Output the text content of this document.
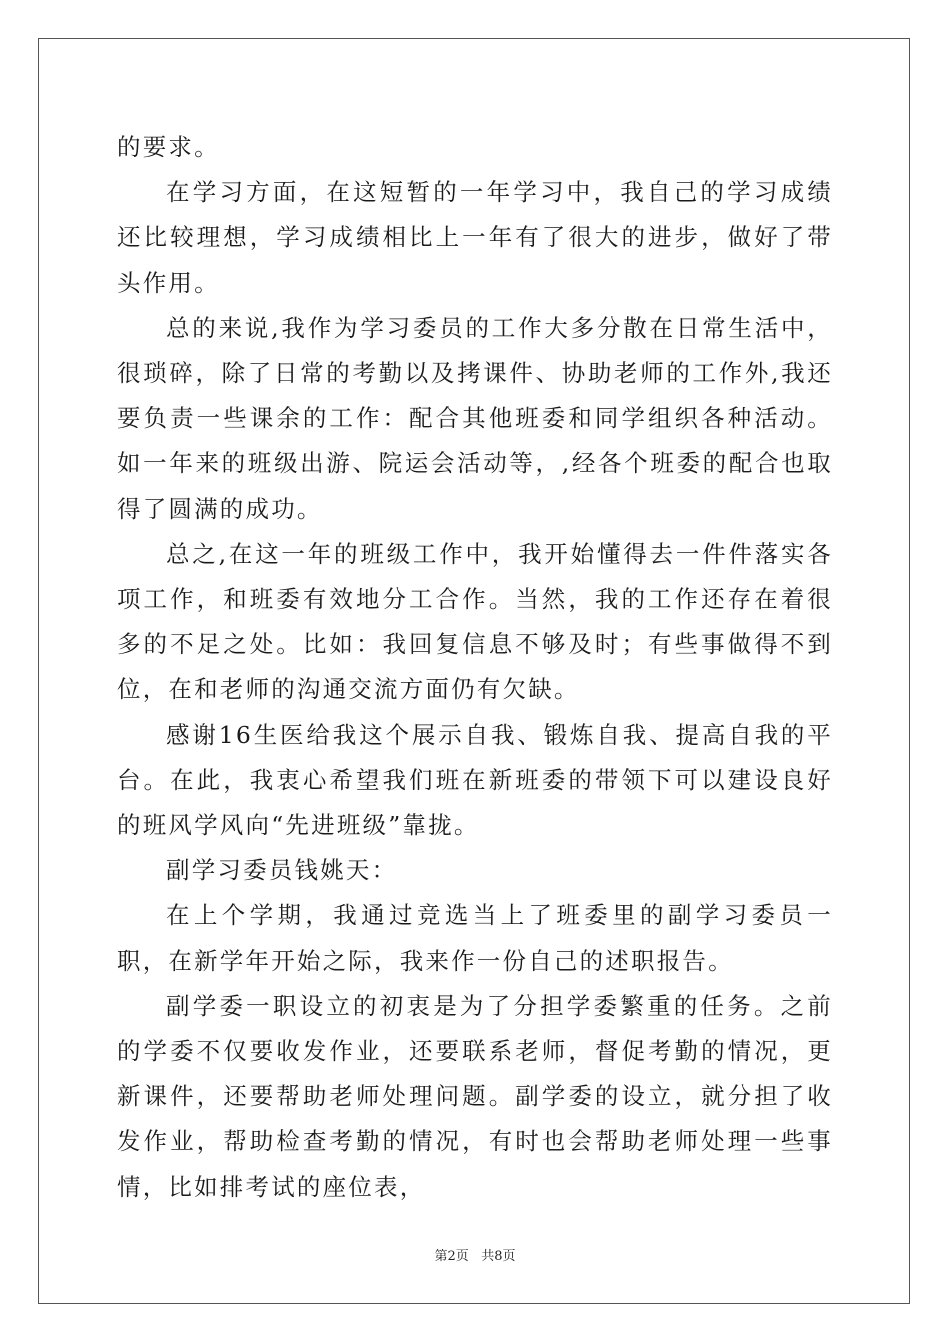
的要求。

在学习方面，在这短暂的一年学习中，我自己的学习成绩还比较理想，学习成绩相比上一年有了很大的进步，做好了带头作用。

总的来说,我作为学习委员的工作大多分散在日常生活中，很琐碎，除了日常的考勤以及拷课件、协助老师的工作外,我还要负责一些课余的工作：配合其他班委和同学组织各种活动。如一年来的班级出游、院运会活动等，,经各个班委的配合也取得了圆满的成功。

总之,在这一年的班级工作中，我开始懂得去一件件落实各项工作，和班委有效地分工合作。当然，我的工作还存在着很多的不足之处。比如：我回复信息不够及时；有些事做得不到位，在和老师的沟通交流方面仍有欠缺。

感谢16生医给我这个展示自我、锻炼自我、提高自我的平台。在此，我衷心希望我们班在新班委的带领下可以建设良好的班风学风向“先进班级”靠拢。

副学习委员钱姚天：

在上个学期，我通过竞选当上了班委里的副学习委员一职，在新学年开始之际，我来作一份自己的述职报告。

副学委一职设立的初衷是为了分担学委繁重的任务。之前的学委不仅要收发作业，还要联系老师，督促考勤的情况，更新课件，还要帮助老师处理问题。副学委的设立，就分担了收发作业，帮助检查考勤的情况，有时也会帮助老师处理一些事情，比如排考试的座位表，

第2页 共8页
